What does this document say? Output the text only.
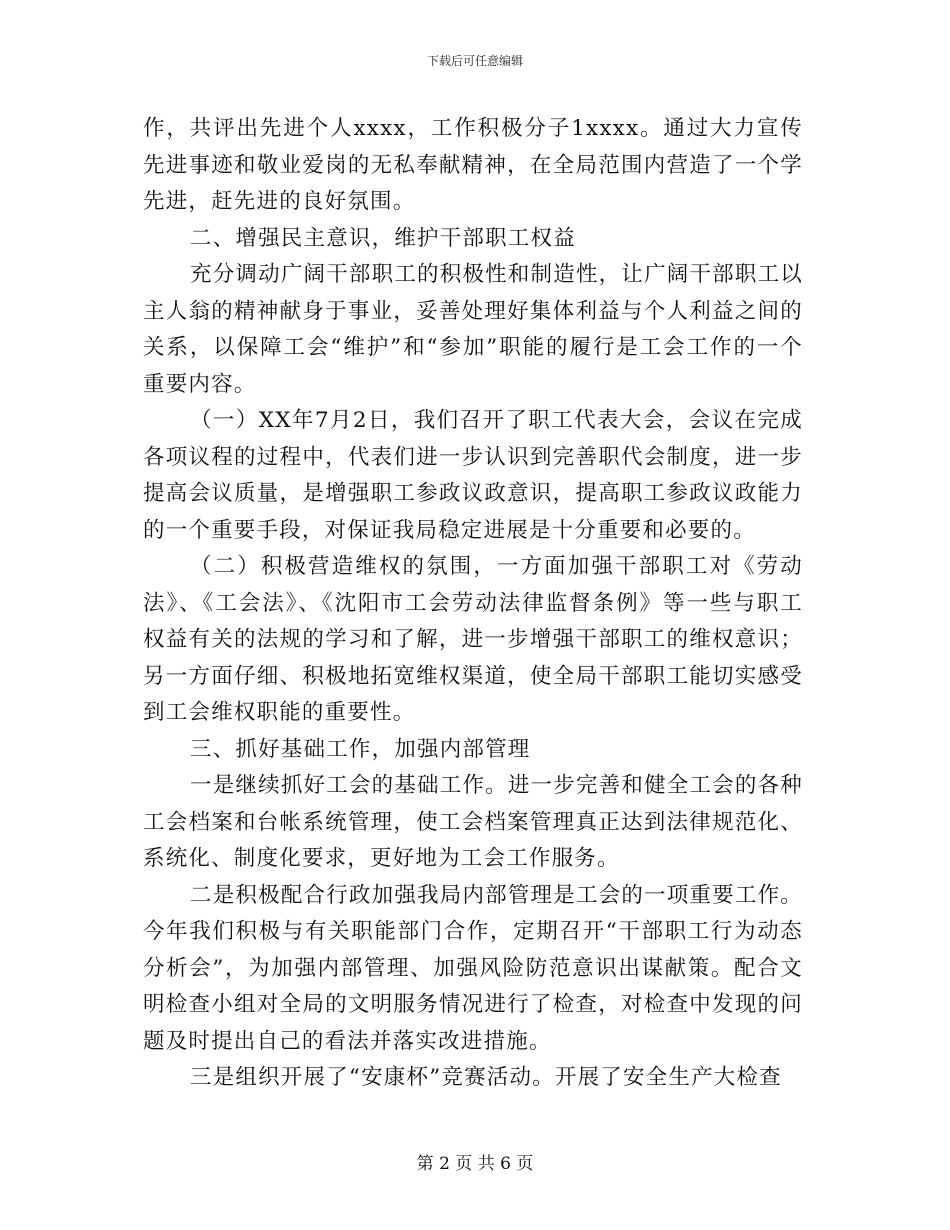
下载后可任意编辑

作，共评出先进个人xxxx，工作积极分子1xxxx。通过大力宣传先进事迹和敬业爱岗的无私奉献精神，在全局范围内营造了一个学先进，赶先进的良好氛围。

二、增强民主意识，维护干部职工权益

充分调动广阔干部职工的积极性和制造性，让广阔干部职工以主人翁的精神献身于事业，妥善处理好集体利益与个人利益之间的关系，以保障工会“维护”和“参加”职能的履行是工会工作的一个重要内容。

（一）XX年7月2日，我们召开了职工代表大会，会议在完成各项议程的过程中，代表们进一步认识到完善职代会制度，进一步提高会议质量，是增强职工参政议政意识，提高职工参政议政能力的一个重要手段，对保证我局稳定进展是十分重要和必要的。

（二）积极营造维权的氛围，一方面加强干部职工对《劳动法》、《工会法》、《沈阳市工会劳动法律监督条例》等一些与职工权益有关的法规的学习和了解，进一步增强干部职工的维权意识；另一方面仔细、积极地拓宽维权渠道，使全局干部职工能切实感受到工会维权职能的重要性。

三、抓好基础工作，加强内部管理

一是继续抓好工会的基础工作。进一步完善和健全工会的各种工会档案和台帐系统管理，使工会档案管理真正达到法律规范化、系统化、制度化要求，更好地为工会工作服务。

二是积极配合行政加强我局内部管理是工会的一项重要工作。今年我们积极与有关职能部门合作，定期召开“干部职工行为动态分析会”，为加强内部管理、加强风险防范意识出谋献策。配合文明检查小组对全局的文明服务情况进行了检查，对检查中发现的问题及时提出自己的看法并落实改进措施。

三是组织开展了“安康杯”竞赛活动。开展了安全生产大检查

第 2 页 共 6 页
